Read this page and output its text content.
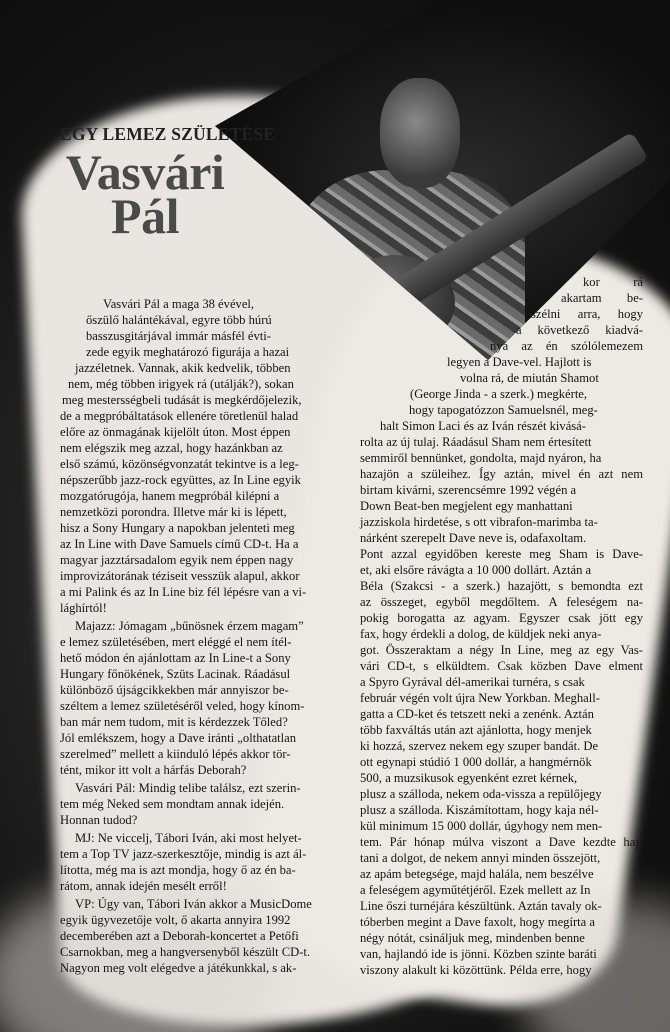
EGY LEMEZ SZÜLETÉSE
Vasvári
Pál
Vasvári Pál a maga 38 évével,
őszülő halántékával, egyre több húrú
basszusgitárjával immár másfél évti-
zede egyik meghatározó figurája a hazai
jazzéletnek. Vannak, akik kedvelik, többen
nem, még többen irigyek rá (utálják?), sokan
meg mestersségbeli tudását is megkérdőjelezik,
de a megpróbáltatások ellenére töretlenül halad
előre az önmagának kijelölt úton. Most éppen
nem elégszik meg azzal, hogy hazánkban az
első számú, közönségvonzatát tekintve is a leg-
népszerűbb jazz-rock együttes, az In Line egyik
mozgatórugója, hanem megpróbál kilépni a
nemzetközi porondra. Illetve már ki is lépett,
hisz a Sony Hungary a napokban jelenteti meg
az In Line with Dave Samuels című CD-t. Ha a
magyar jazztársadalom egyik nem éppen nagy
improvizátorának téziseit vesszük alapul, akkor
a mi Palink és az In Line biz fél lépésre van a vi-
lághírtól!
Majazz: Jómagam „bűnösnek érzem magam”
e lemez születésében, mert eléggé el nem ítél-
hető módon én ajánlottam az In Line-t a Sony
Hungary főnökének, Szüts Lacinak. Ráadásul
különböző újságcikkekben már annyiszor be-
széltem a lemez születéséről veled, hogy kínom-
ban már nem tudom, mit is kérdezzek Tőled?
Jól emlékszem, hogy a Dave iránti „olthatatlan
szerelmed” mellett a kiinduló lépés akkor tör-
tént, mikor itt volt a hárfás Deborah?
Vasvári Pál: Mindig telibe találsz, ezt szerin-
tem még Neked sem mondtam annak idején.
Honnan tudod?
MJ: Ne viccelj, Tábori Iván, aki most helyet-
tem a Top TV jazz-szerkesztője, mindig is azt ál-
lította, még ma is azt mondja, hogy ő az én ba-
rátom, annak idején mesélt erről!
VP: Úgy van, Tábori Iván akkor a MusicDome
egyik ügyvezetője volt, ő akarta annyira 1992
decemberében azt a Deborah-koncertet a Petőfi
Csarnokban, meg a hangversenyből készült CD-t.
Nagyon meg volt elégedve a játékunkkal, s ak-
kor rá
akartam be-
szélni arra, hogy
a következő kiadvá-
nya az én szólólemezem
legyen a Dave-vel. Hajlott is
volna rá, de miután Shamot
(George Jinda - a szerk.) megkérte,
hogy tapogatózzon Samuelsnél, meg-
halt Simon Laci és az Iván részét kivásá-
rolta az új tulaj. Ráadásul Sham nem értesített
semmiről bennünket, gondolta, majd nyáron, ha
hazajön a szüleihez. Így aztán, mivel én azt nem
birtam kivárni, szerencsémre 1992 végén a
Down Beat-ben megjelent egy manhattani
jazziskola hirdetése, s ott vibrafon-marimba ta-
nárként szerepelt Dave neve is, odafaxoltam.
Pont azzal egyidőben kereste meg Sham is Dave-
et, aki elsőre rávágta a 10 000 dollárt. Aztán a
Béla (Szakcsi - a szerk.) hazajött, s bemondta ezt
az összeget, egyből megdőltem. A feleségem na-
pokig borogatta az agyam. Egyszer csak jött egy
fax, hogy érdekli a dolog, de küldjek neki anya-
got. Összeraktam a négy In Line, meg az egy Vas-
vári CD-t, s elküldtem. Csak közben Dave elment
a Spyro Gyrával dél-amerikai turnéra, s csak
február végén volt újra New Yorkban. Meghall-
gatta a CD-ket és tetszett neki a zenénk. Aztán
több faxváltás után azt ajánlotta, hogy menjek
ki hozzá, szervez nekem egy szuper bandát. De
ott egynapi stúdió 1 000 dollár, a hangmérnök
500, a muzsikusok egyenként ezret kérnek,
plusz a szálloda, nekem oda-vissza a repülőjegy
plusz a szálloda. Kiszámítottam, hogy kaja nél-
kül minimum 15 000 dollár, úgyhogy nem men-
tem. Pár hónap múlva viszont a Dave kezdte haj-
tani a dolgot, de nekem annyi minden összejött,
az apám betegsége, majd halála, nem beszélve
a feleségem agyműtétjéről. Ezek mellett az In
Line őszi turnéjára készültünk. Aztán tavaly ok-
tóberben megint a Dave faxolt, hogy megírta a
négy nótát, csináljuk meg, mindenben benne
van, hajlandó ide is jönni. Közben szinte baráti
viszony alakult ki közöttünk. Példa erre, hogy
